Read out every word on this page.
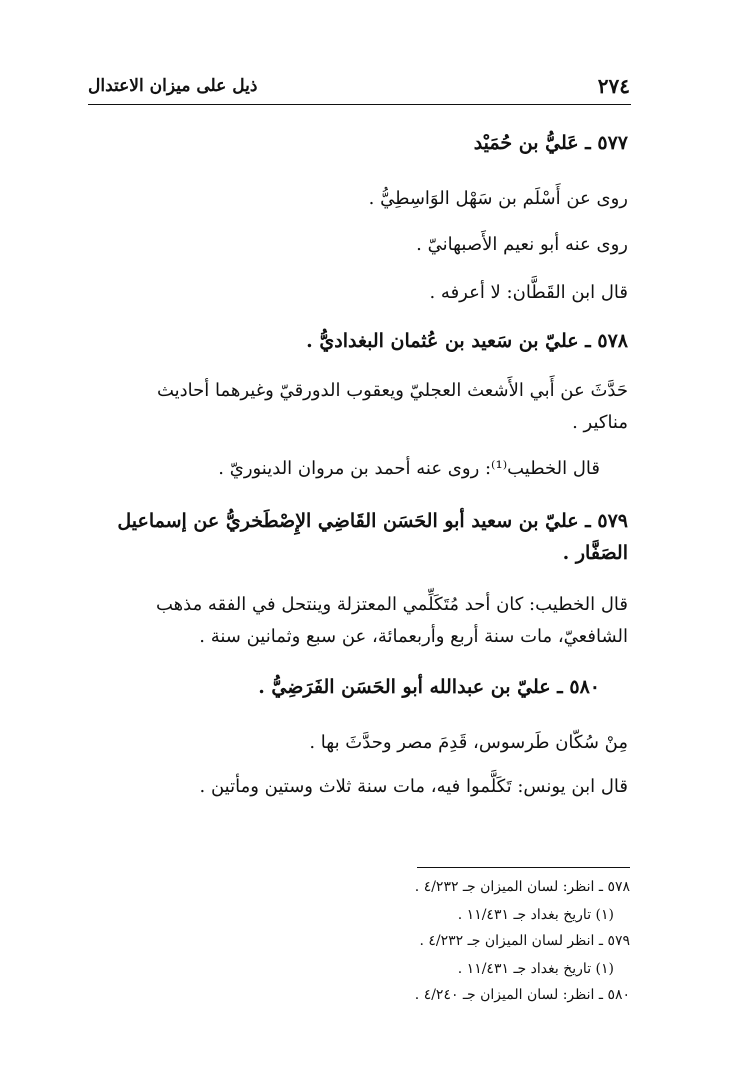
٢٧٤
ذيل على ميزان الاعتدال
٥٧٧ ـ عَليُّ بن حُمَيْد
روى عن أَسْلَم بن سَهْل الوَاسِطِيُّ .
روى عنه أبو نعيم الأَصبهانيّ .
قال ابن القَطَّان: لا أعرفه .
٥٧٨ ـ عليّ بن سَعيد بن عُثمان البغداديُّ .
حَدَّثَ عن أَبي الأَشعث العجليّ ويعقوب الدورقيّ وغيرهما أحاديث
مناكير .
قال الخطيب⁽¹⁾: روى عنه أحمد بن مروان الدينوريّ .
٥٧٩ ـ عليّ بن سعيد أبو الحَسَن القَاضِي الإِصْطَخريُّ عن إسماعيل
الصَفَّار .
قال الخطيب: كان أحد مُتَكَلِّمي المعتزلة وينتحل في الفقه مذهب
الشافعيّ، مات سنة أربع وأربعمائة، عن سبع وثمانين سنة .
٥٨٠ ـ عليّ بن عبدالله أبو الحَسَن الفَرَضِيُّ .
مِنْ سُكّان طَرسوس، قَدِمَ مصر وحدَّثَ بها .
قال ابن يونس: تَكَلَّموا فيه، مات سنة ثلاث وستين ومأتين .
٥٧٨ ـ انظر: لسان الميزان جـ ٤/٢٣٢ .
(١) تاريخ بغداد جـ ١١/٤٣١ .
٥٧٩ ـ انظر لسان الميزان جـ ٤/٢٣٢ .
(١) تاريخ بغداد جـ ١١/٤٣١ .
٥٨٠ ـ انظر: لسان الميزان جـ ٤/٢٤٠ .
